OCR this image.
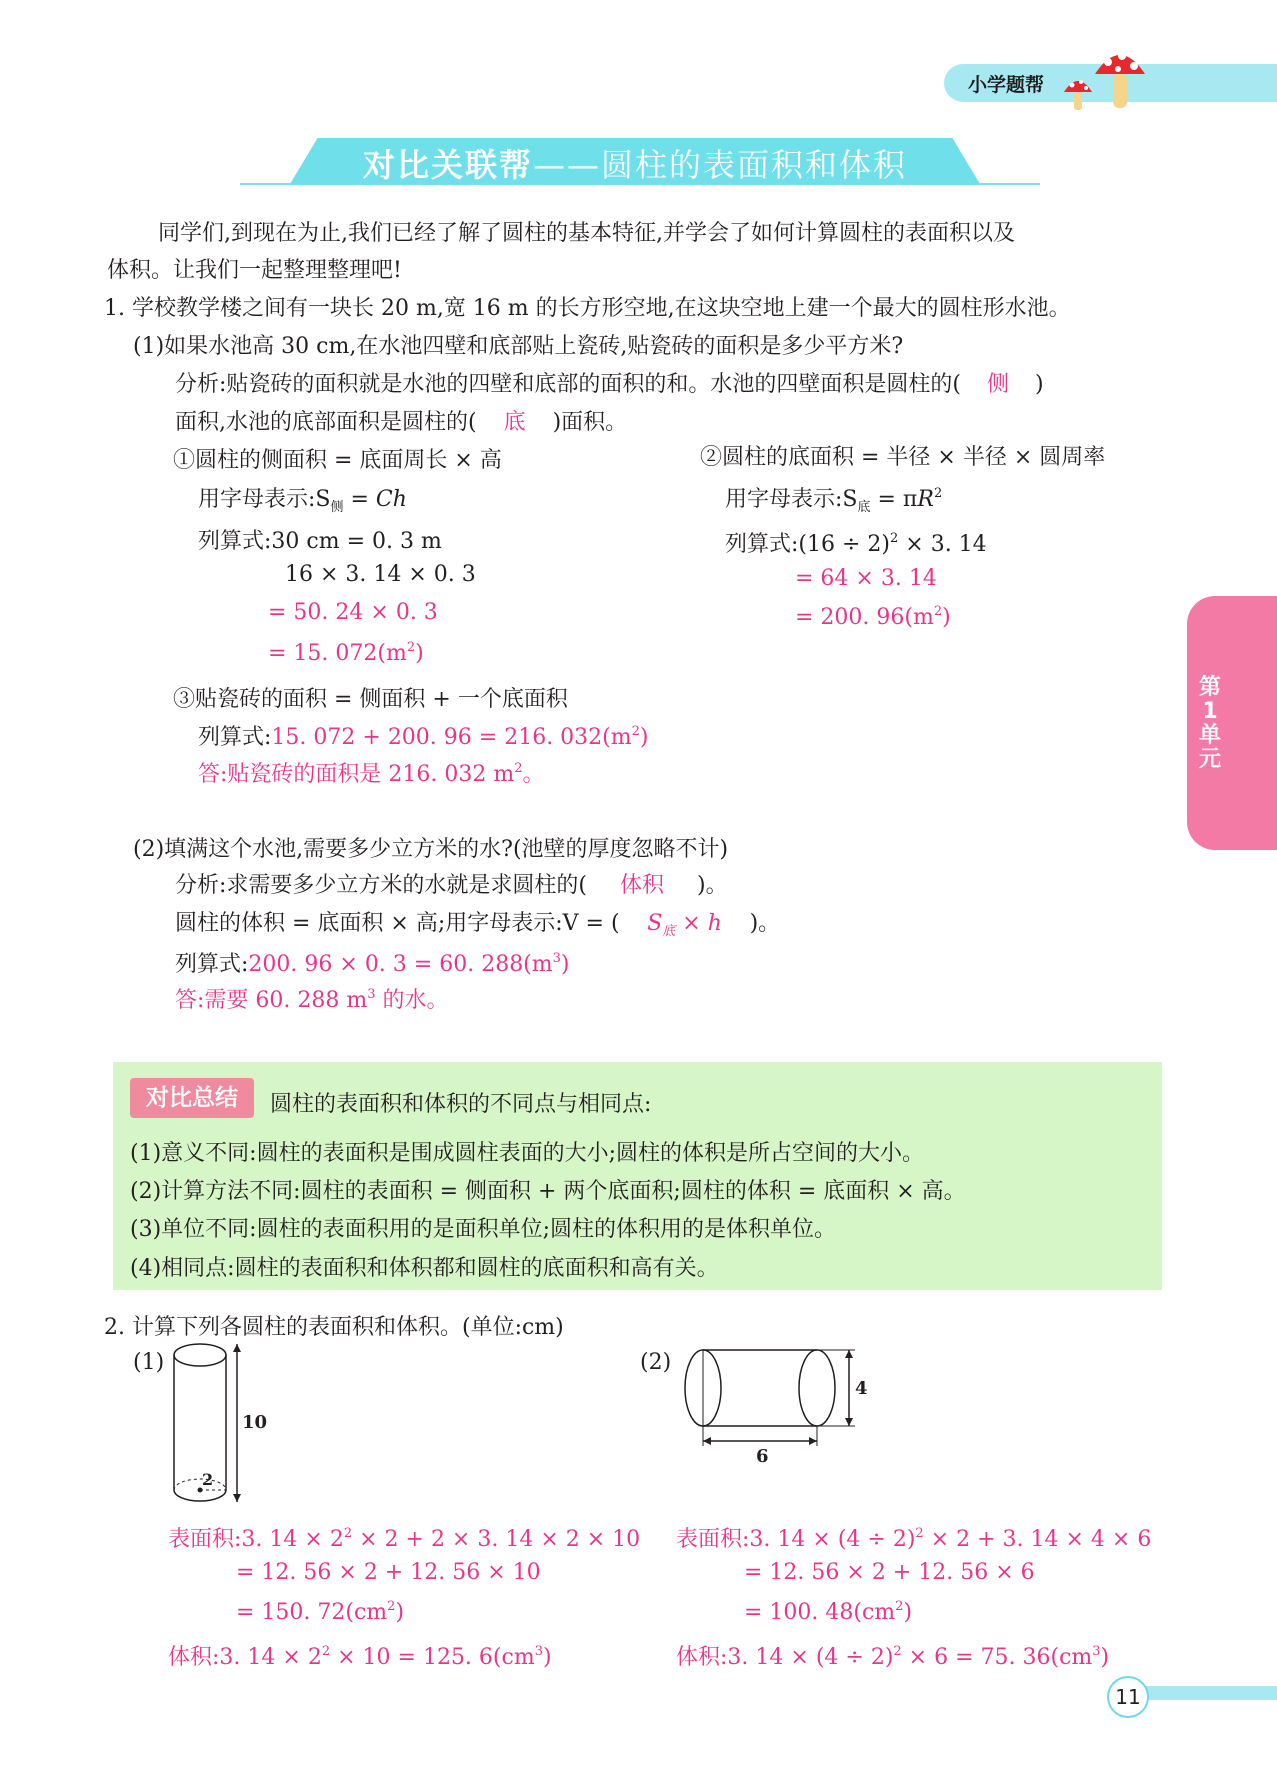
小学题帮
对比关联帮——圆柱的表面积和体积
第
1
单
元
同学们,到现在为止,我们已经了解了圆柱的基本特征,并学会了如何计算圆柱的表面积以及
体积。让我们一起整理整理吧!
1. 学校教学楼之间有一块长 20 m,宽 16 m 的长方形空地,在这块空地上建一个最大的圆柱形水池。
(1)如果水池高 30 cm,在水池四壁和底部贴上瓷砖,贴瓷砖的面积是多少平方米?
分析:贴瓷砖的面积就是水池的四壁和底部的面积的和。水池的四壁面积是圆柱的( 侧 )
面积,水池的底部面积是圆柱的( 底 )面积。
①圆柱的侧面积 = 底面周长 × 高
用字母表示$:S_侧 = Ch$
列算式:30 cm = 0. 3 m
16 × 3. 14 × 0. 3
= 50. 24 × 0. 3
= 15. $072(m^2)$
②圆柱的底面积 = 半径 × 半径 × 圆周率
用字母表示$:S_底 = \pi R^2$
列算式:(16 ÷ 2)$^2$ × 3. 14
= 64 × 3. 14
= 200. $96(m^2)$
③贴瓷砖的面积 = 侧面积 + 一个底面积
列算式:15. 072 + 200. 96 = 216. $032(m^2)$
答:贴瓷砖的面积是 216. 032 $m^2$。
(2)填满这个水池,需要多少立方米的水?(池壁的厚度忽略不计)
分析:求需要多少立方米的水就是求圆柱的( 体积 )。
圆柱的体积 = 底面积 × 高;用字母表示:V = ( $S_底 \times h$ )。
列算式:200. 96 × 0. 3 = 60. $288(m^3)$
答:需要 60. 288 $m^3$ 的水。
对比总结	圆柱的表面积和体积的不同点与相同点:
(1)意义不同:圆柱的表面积是围成圆柱表面的大小;圆柱的体积是所占空间的大小。
(2)计算方法不同:圆柱的表面积 = 侧面积 + 两个底面积;圆柱的体积 = 底面积 × 高。
(3)单位不同:圆柱的表面积用的是面积单位;圆柱的体积用的是体积单位。
(4)相同点:圆柱的表面积和体积都和圆柱的底面积和高有关。
2. 计算下列各圆柱的表面积和体积。(单位:cm)
(1)
10
2
(2)
4
6
表面积:3. $14 \times 2^2 \times 2 + 2 \times 3$. 14 × 2 × 10
= 12. 56 × 2 + 12. 56 × 10
= 150. $72(cm^2)$
体积:3. $14 \times 2^2 \times 10 = 125$. $6(cm^3)$
表面积:3. $14 \times (4 \div 2)^2 \times 2 + 3$. 14 × 4 × 6
= 12. 56 × 2 + 12. 56 × 6
= 100. $48(cm^2)$
体积:3. $14 \times (4 \div 2)^2 \times 6 = 75$. $36(cm^3)$
11
